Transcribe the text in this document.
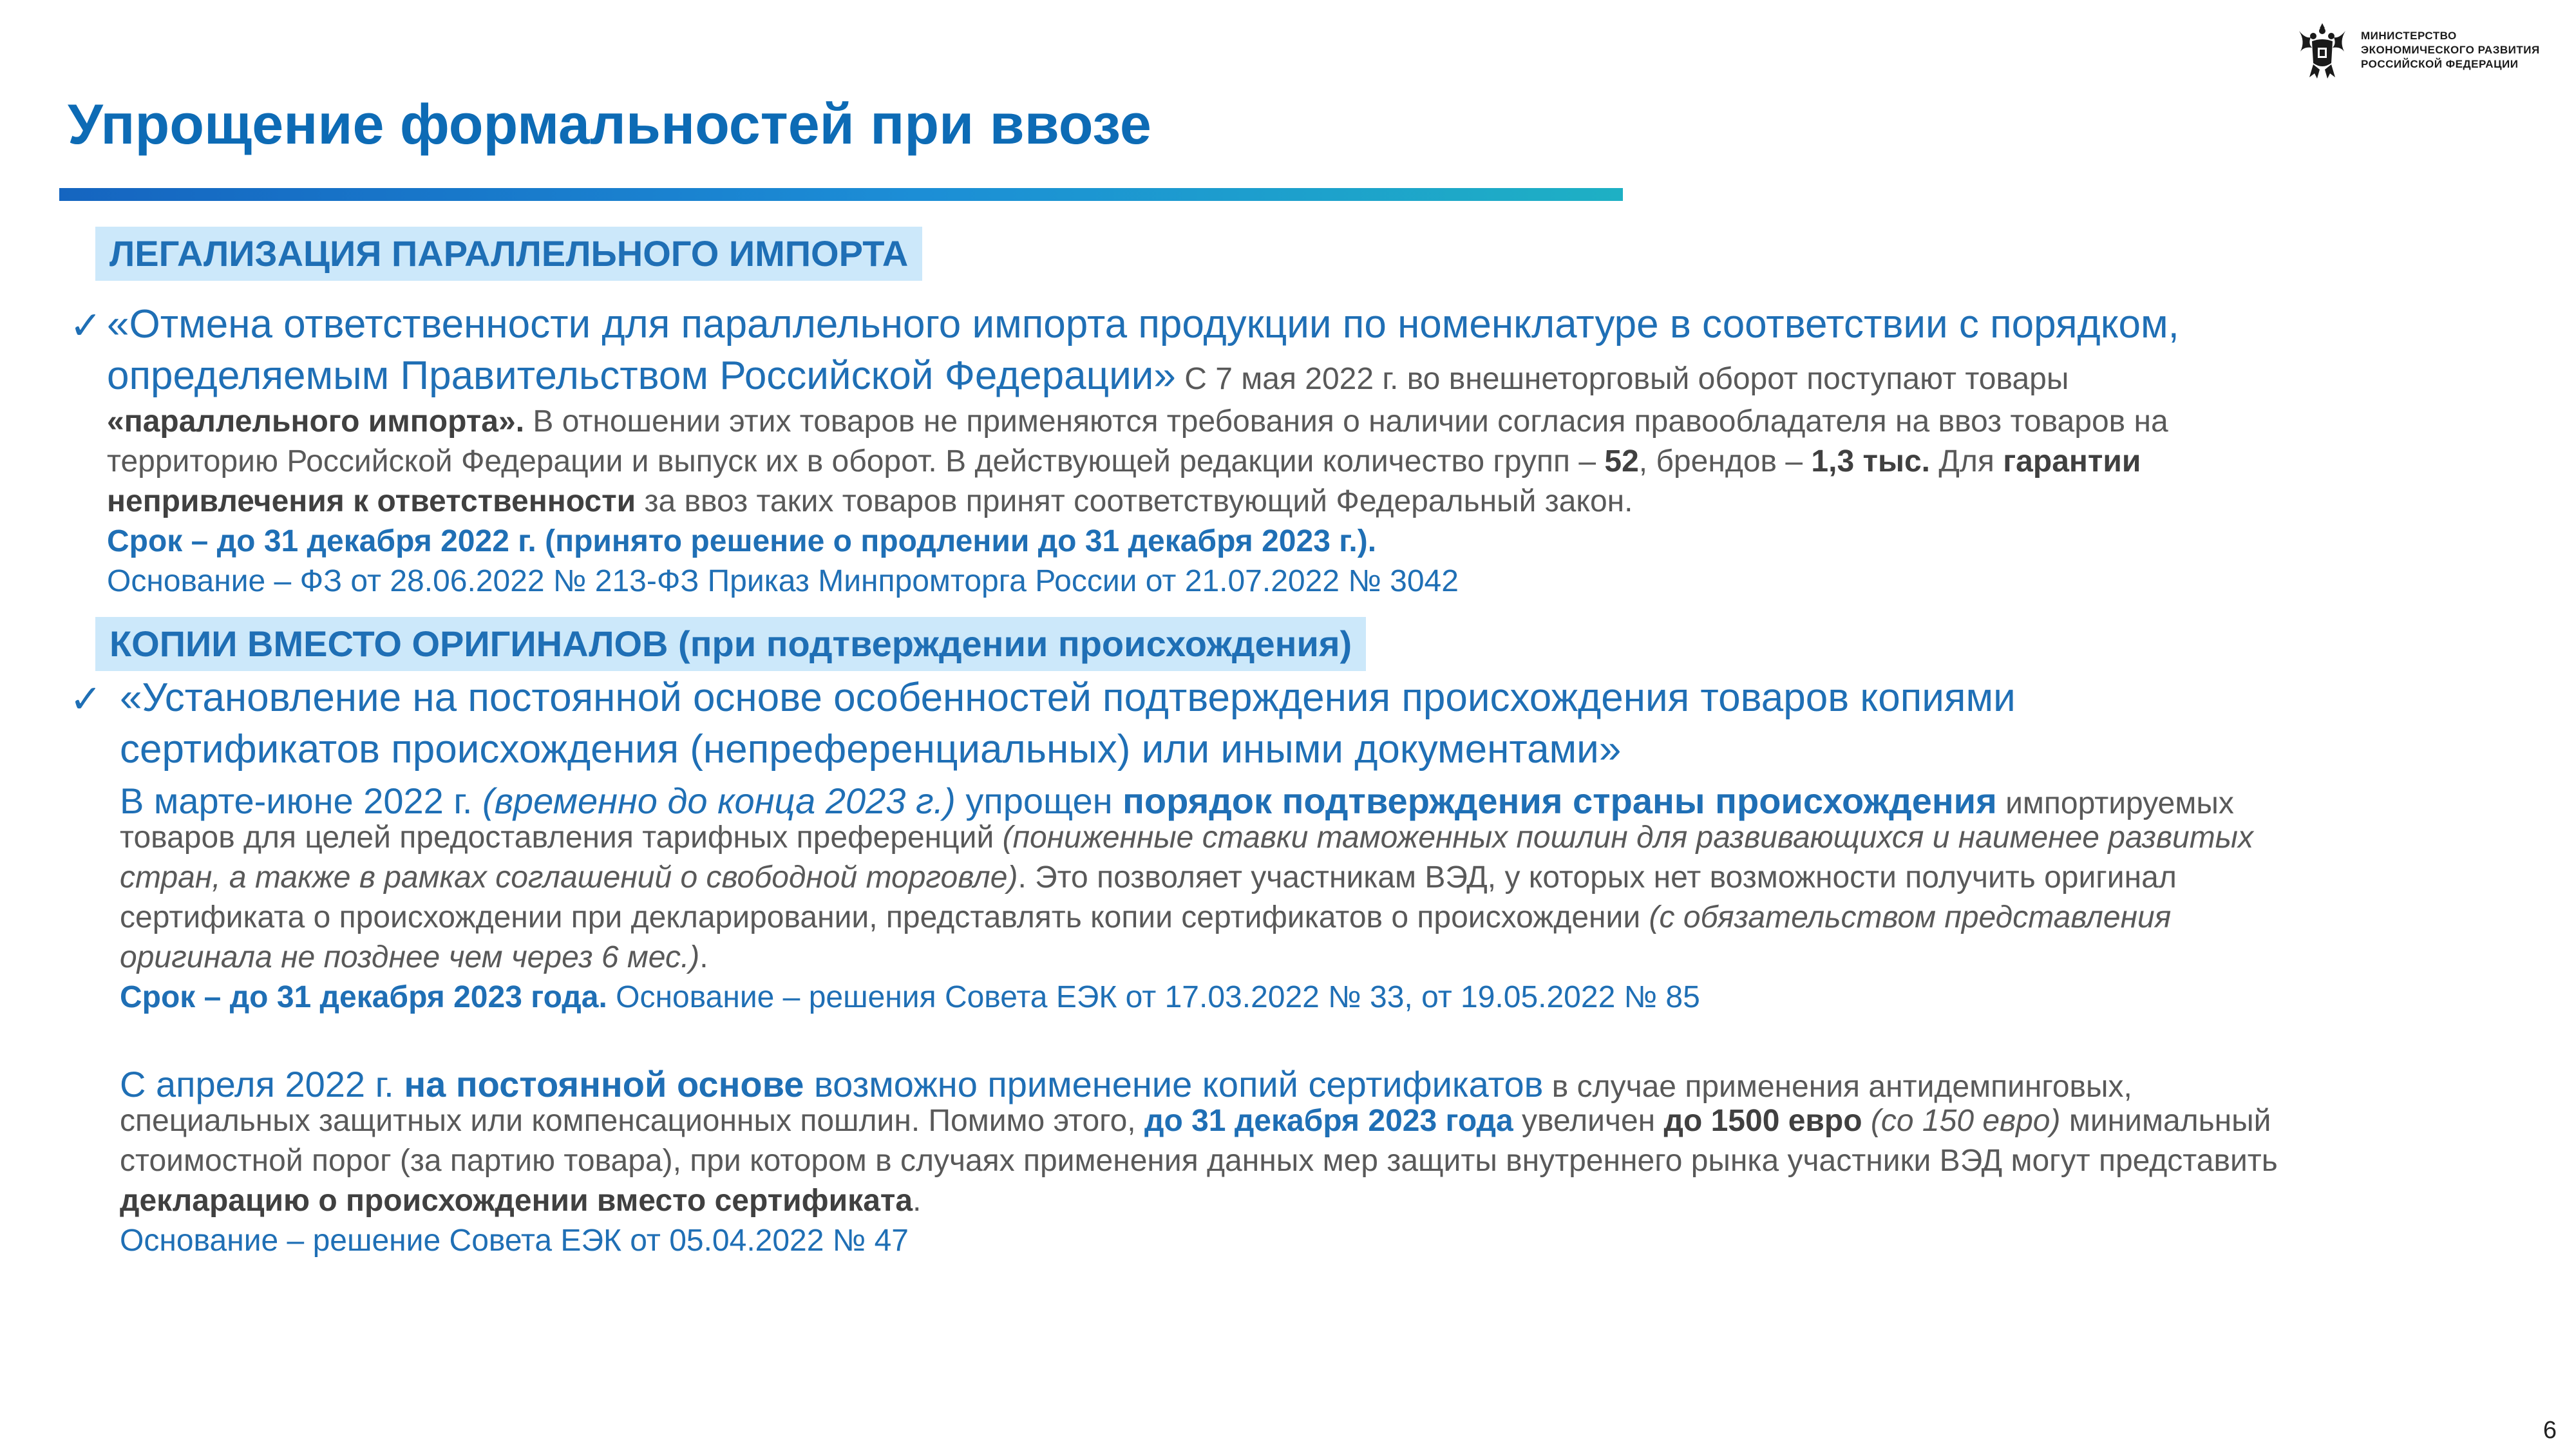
МИНИСТЕРСТВО
ЭКОНОМИЧЕСКОГО РАЗВИТИЯ
РОССИЙСКОЙ ФЕДЕРАЦИИ
Упрощение формальностей при ввозе
ЛЕГАЛИЗАЦИЯ ПАРАЛЛЕЛЬНОГО ИМПОРТА
✓ «Отмена ответственности для параллельного импорта продукции по номенклатуре в соответствии с порядком,
определяемым Правительством Российской Федерации» С 7 мая 2022 г. во внешнеторговый оборот поступают товары
«параллельного импорта». В отношении этих товаров не применяются требования о наличии согласия правообладателя на ввоз товаров на
территорию Российской Федерации и выпуск их в оборот. В действующей редакции количество групп – 52, брендов – 1,3 тыс. Для гарантии
непривлечения к ответственности за ввоз таких товаров принят соответствующий Федеральный закон.
Срок – до 31 декабря 2022 г. (принято решение о продлении до 31 декабря 2023 г.).
Основание – ФЗ от 28.06.2022 № 213-ФЗ Приказ Минпромторга России от 21.07.2022 № 3042
КОПИИ ВМЕСТО ОРИГИНАЛОВ (при подтверждении происхождения)
✓ «Установление на постоянной основе особенностей подтверждения происхождения товаров копиями
сертификатов происхождения (непреференциальных) или иными документами»
В марте-июне 2022 г. (временно до конца 2023 г.) упрощен порядок подтверждения страны происхождения импортируемых
товаров для целей предоставления тарифных преференций (пониженные ставки таможенных пошлин для развивающихся и наименее развитых
стран, а также в рамках соглашений о свободной торговле). Это позволяет участникам ВЭД, у которых нет возможности получить оригинал
сертификата о происхождении при декларировании, представлять копии сертификатов о происхождении (с обязательством представления
оригинала не позднее чем через 6 мес.).
Срок – до 31 декабря 2023 года. Основание – решения Совета ЕЭК от 17.03.2022 № 33, от 19.05.2022 № 85
С апреля 2022 г. на постоянной основе возможно применение копий сертификатов в случае применения антидемпинговых,
специальных защитных или компенсационных пошлин. Помимо этого, до 31 декабря 2023 года увеличен до 1500 евро (со 150 евро) минимальный
стоимостной порог (за партию товара), при котором в случаях применения данных мер защиты внутреннего рынка участники ВЭД могут представить
декларацию о происхождении вместо сертификата.
Основание – решение Совета ЕЭК от 05.04.2022 № 47
6
